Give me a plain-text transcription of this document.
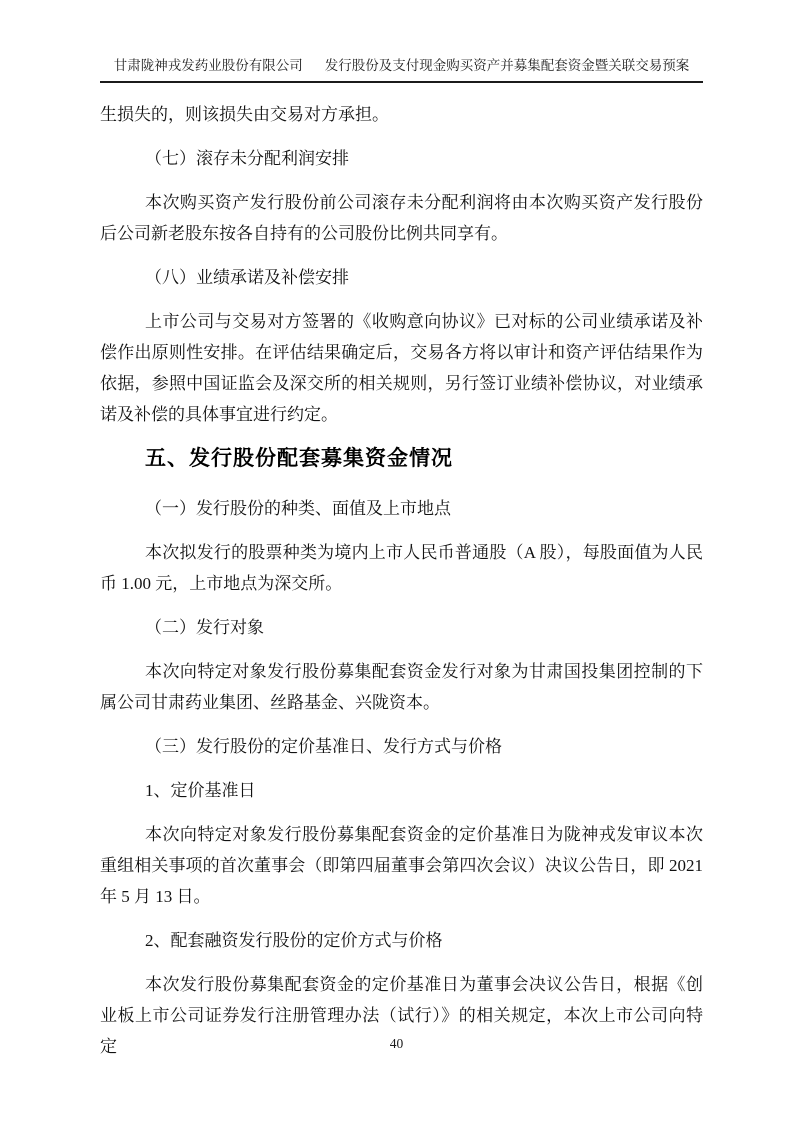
甘肃陇神戎发药业股份有限公司 发行股份及支付现金购买资产并募集配套资金暨关联交易预案
生损失的，则该损失由交易对方承担。
（七）滚存未分配利润安排
本次购买资产发行股份前公司滚存未分配利润将由本次购买资产发行股份后公司新老股东按各自持有的公司股份比例共同享有。
（八）业绩承诺及补偿安排
上市公司与交易对方签署的《收购意向协议》已对标的公司业绩承诺及补偿作出原则性安排。在评估结果确定后，交易各方将以审计和资产评估结果作为依据，参照中国证监会及深交所的相关规则，另行签订业绩补偿协议，对业绩承诺及补偿的具体事宜进行约定。
五、发行股份配套募集资金情况
（一）发行股份的种类、面值及上市地点
本次拟发行的股票种类为境内上市人民币普通股（A 股），每股面值为人民币 1.00 元，上市地点为深交所。
（二）发行对象
本次向特定对象发行股份募集配套资金发行对象为甘肃国投集团控制的下属公司甘肃药业集团、丝路基金、兴陇资本。
（三）发行股份的定价基准日、发行方式与价格
1、定价基准日
本次向特定对象发行股份募集配套资金的定价基准日为陇神戎发审议本次重组相关事项的首次董事会（即第四届董事会第四次会议）决议公告日，即 2021 年 5 月 13 日。
2、配套融资发行股份的定价方式与价格
本次发行股份募集配套资金的定价基准日为董事会决议公告日，根据《创业板上市公司证券发行注册管理办法（试行）》的相关规定，本次上市公司向特定	40
